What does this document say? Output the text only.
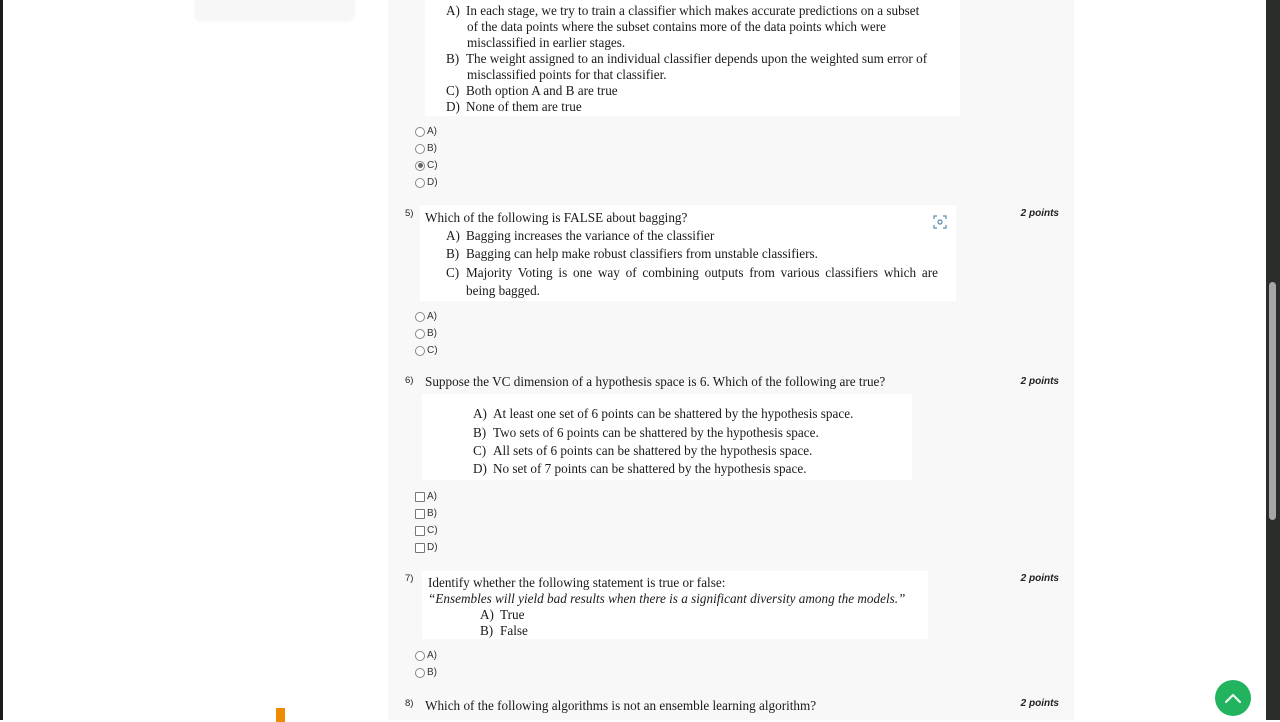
A) In each stage, we try to train a classifier which makes accurate predictions on a subset
of the data points where the subset contains more of the data points which were
misclassified in earlier stages.
B) The weight assigned to an individual classifier depends upon the weighted sum error of
misclassified points for that classifier.
C) Both option A and B are true
D) None of them are true
A)
B)
C)
D)
5)	2 points
Which of the following is FALSE about bagging?
A) Bagging increases the variance of the classifier
B) Bagging can help make robust classifiers from unstable classifiers.
C) Majority Voting is one way of combining outputs from various classifiers which are
being bagged.
A)
B)
C)
6)	2 points
Suppose the VC dimension of a hypothesis space is 6. Which of the following are true?
A) At least one set of 6 points can be shattered by the hypothesis space.
B) Two sets of 6 points can be shattered by the hypothesis space.
C) All sets of 6 points can be shattered by the hypothesis space.
D) No set of 7 points can be shattered by the hypothesis space.
A)
B)
C)
D)
7)	2 points
Identify whether the following statement is true or false:
“Ensembles will yield bad results when there is a significant diversity among the models.”
A) True
B) False
A)
B)
8)	2 points
Which of the following algorithms is not an ensemble learning algorithm?
